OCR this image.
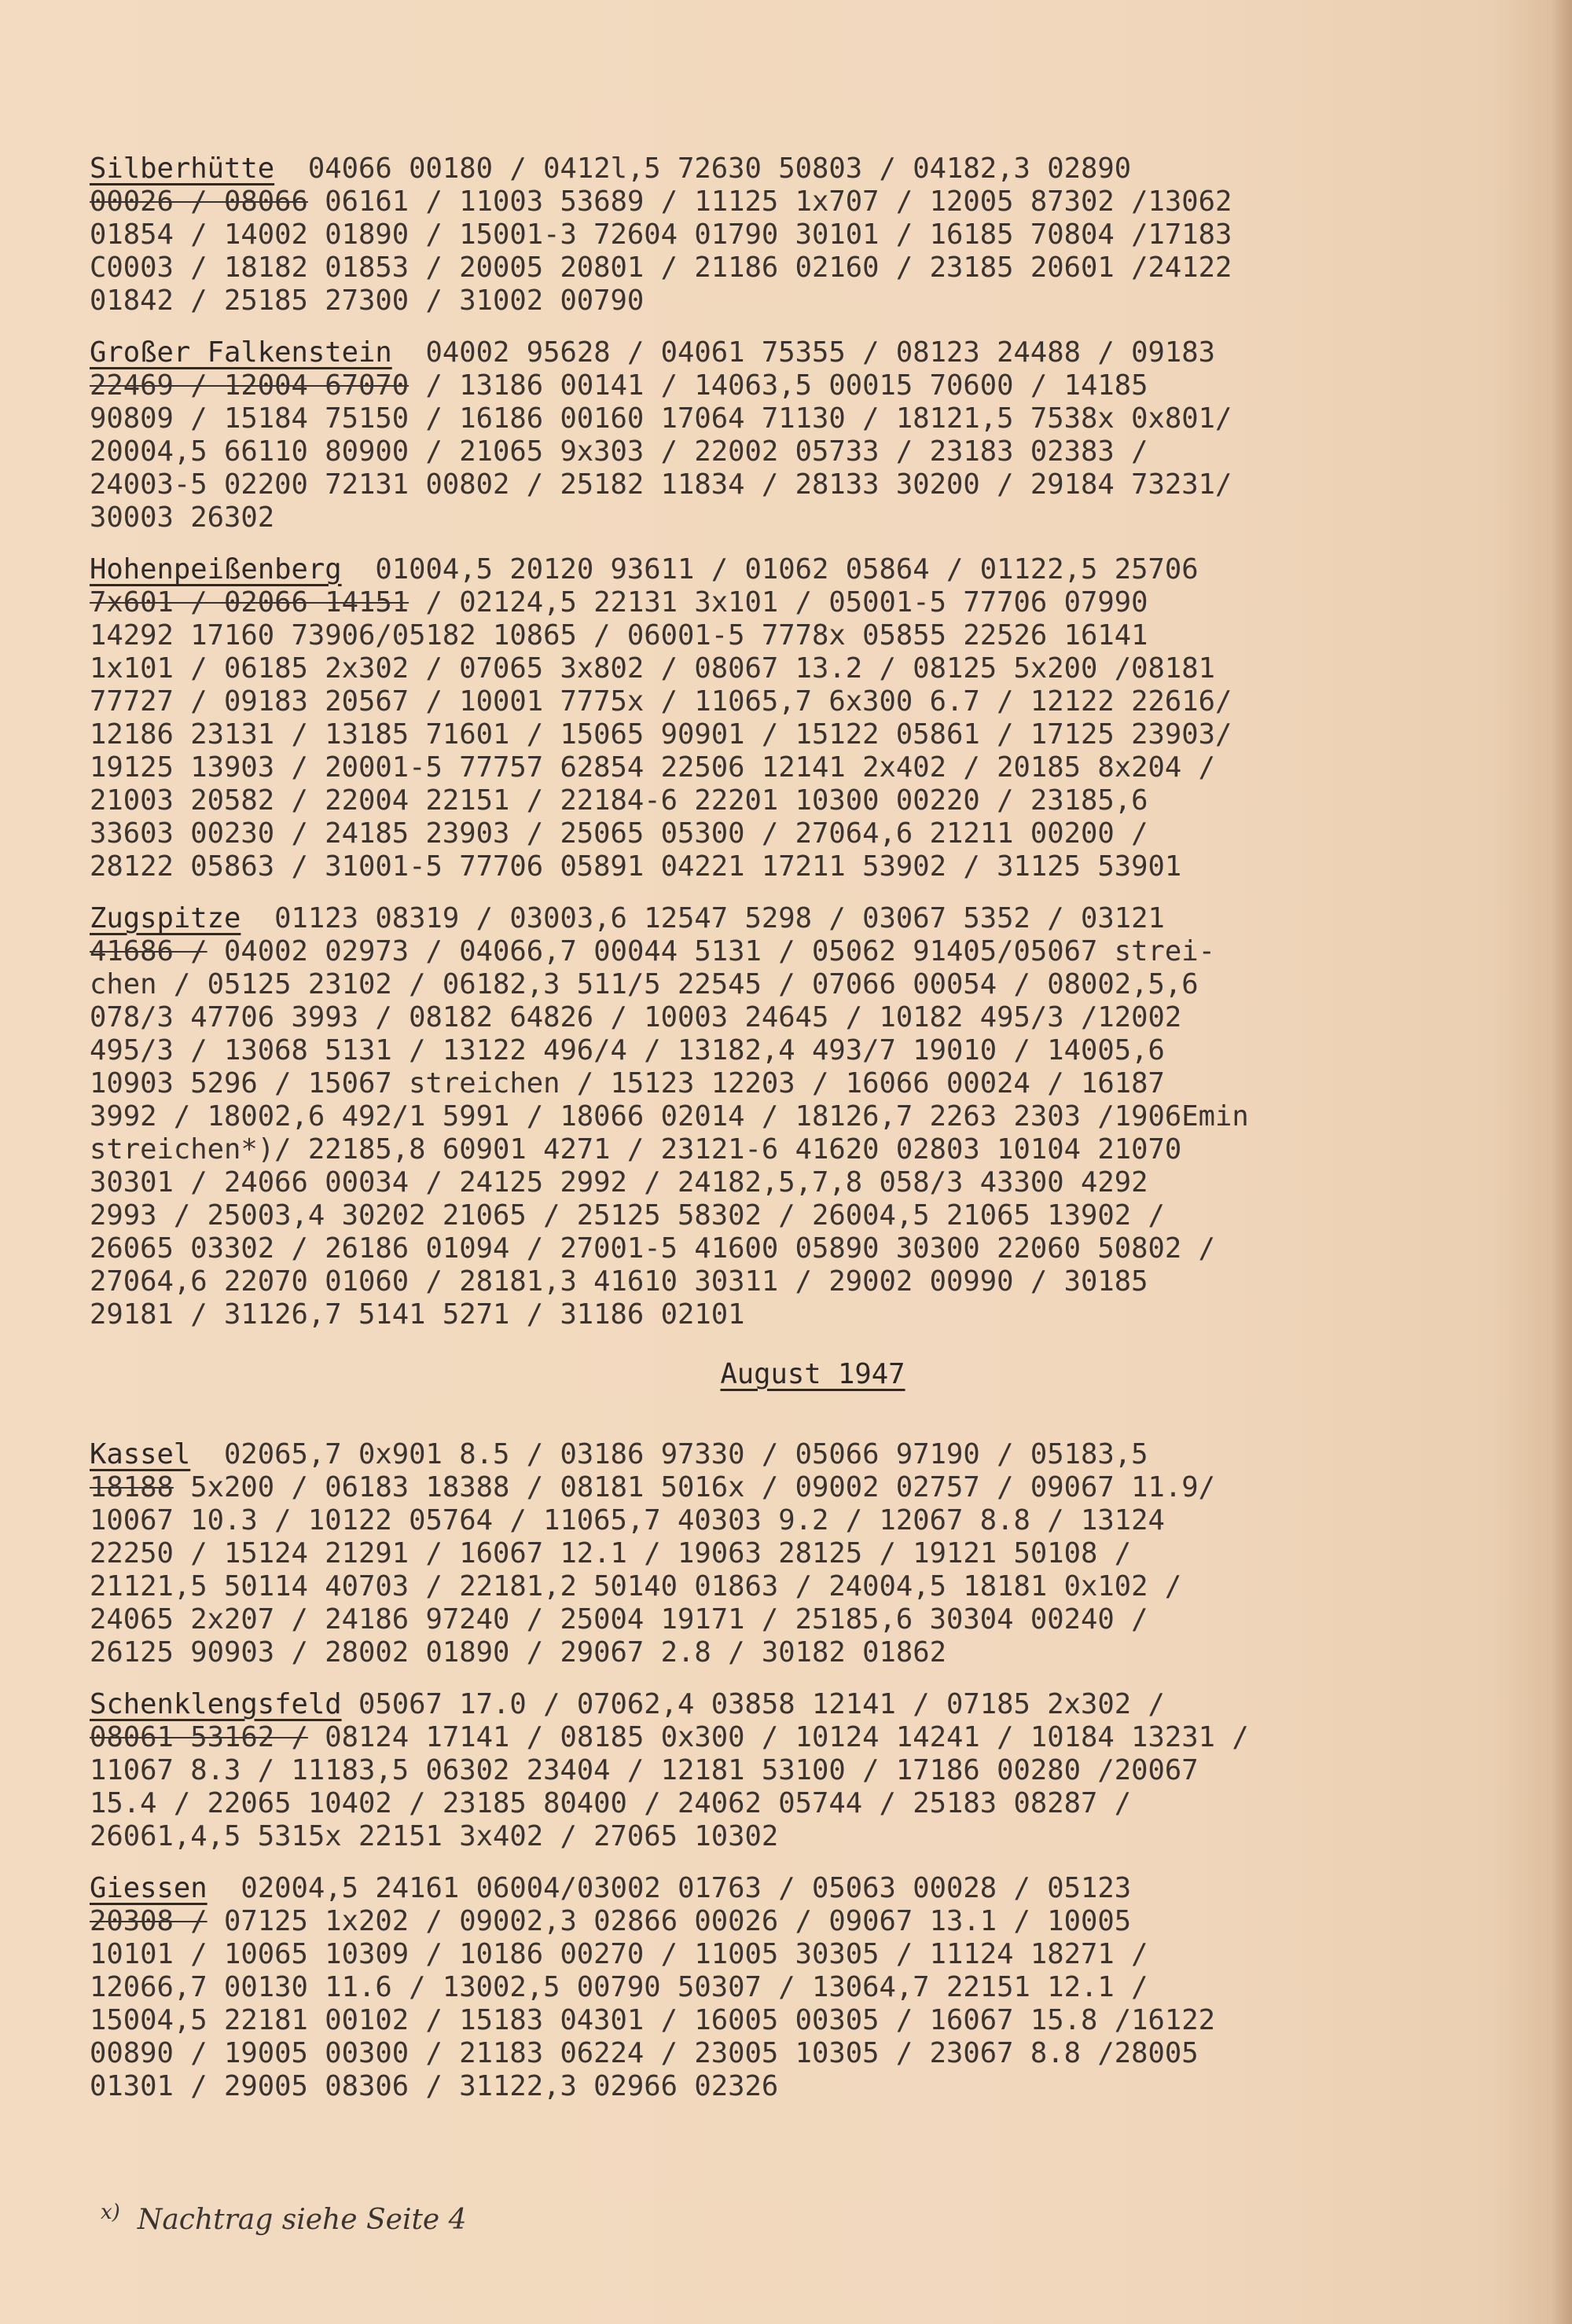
Silberhütte  04066 00180 / 0412l,5 72630 50803 / 04182,3 02890
00026 / 08066 06161 / 11003 53689 / 11125 1x707 / 12005 87302 /13062
01854 / 14002 01890 / 15001-3 72604 01790 30101 / 16185 70804 /17183
C0003 / 18182 01853 / 20005 20801 / 21186 02160 / 23185 20601 /24122
01842 / 25185 27300 / 31002 00790
Großer Falkenstein  04002 95628 / 04061 75355 / 08123 24488 / 09183
22469 / 12004 67070 / 13186 00141 / 14063,5 00015 70600 / 14185
90809 / 15184 75150 / 16186 00160 17064 71130 / 18121,5 7538x 0x801/
20004,5 66110 80900 / 21065 9x303 / 22002 05733 / 23183 02383 /
24003-5 02200 72131 00802 / 25182 11834 / 28133 30200 / 29184 73231/
30003 26302
Hohenpeißenberg  01004,5 20120 93611 / 01062 05864 / 01122,5 25706
7x601 / 02066 14151 / 02124,5 22131 3x101 / 05001-5 77706 07990
14292 17160 73906/05182 10865 / 06001-5 7778x 05855 22526 16141
1x101 / 06185 2x302 / 07065 3x802 / 08067 13.2 / 08125 5x200 /08181
77727 / 09183 20567 / 10001 7775x / 11065,7 6x300 6.7 / 12122 22616/
12186 23131 / 13185 71601 / 15065 90901 / 15122 05861 / 17125 23903/
19125 13903 / 20001-5 77757 62854 22506 12141 2x402 / 20185 8x204 /
21003 20582 / 22004 22151 / 22184-6 22201 10300 00220 / 23185,6
33603 00230 / 24185 23903 / 25065 05300 / 27064,6 21211 00200 /
28122 05863 / 31001-5 77706 05891 04221 17211 53902 / 31125 53901
Zugspitze  01123 08319 / 03003,6 12547 5298 / 03067 5352 / 03121
41686 / 04002 02973 / 04066,7 00044 5131 / 05062 91405/05067 strei-
chen / 05125 23102 / 06182,3 511/5 22545 / 07066 00054 / 08002,5,6
078/3 47706 3993 / 08182 64826 / 10003 24645 / 10182 495/3 /12002
495/3 / 13068 5131 / 13122 496/4 / 13182,4 493/7 19010 / 14005,6
10903 5296 / 15067 streichen / 15123 12203 / 16066 00024 / 16187
3992 / 18002,6 492/1 5991 / 18066 02014 / 18126,7 2263 2303 /1906Emin
streichen*)/ 22185,8 60901 4271 / 23121-6 41620 02803 10104 21070
30301 / 24066 00034 / 24125 2992 / 24182,5,7,8 058/3 43300 4292
2993 / 25003,4 30202 21065 / 25125 58302 / 26004,5 21065 13902 /
26065 03302 / 26186 01094 / 27001-5 41600 05890 30300 22060 50802 /
27064,6 22070 01060 / 28181,3 41610 30311 / 29002 00990 / 30185
29181 / 31126,7 5141 5271 / 31186 02101
August 1947
Kassel  02065,7 0x901 8.5 / 03186 97330 / 05066 97190 / 05183,5
18188 5x200 / 06183 18388 / 08181 5016x / 09002 02757 / 09067 11.9/
10067 10.3 / 10122 05764 / 11065,7 40303 9.2 / 12067 8.8 / 13124
22250 / 15124 21291 / 16067 12.1 / 19063 28125 / 19121 50108 /
21121,5 50114 40703 / 22181,2 50140 01863 / 24004,5 18181 0x102 /
24065 2x207 / 24186 97240 / 25004 19171 / 25185,6 30304 00240 /
26125 90903 / 28002 01890 / 29067 2.8 / 30182 01862
Schenklengsfeld 05067 17.0 / 07062,4 03858 12141 / 07185 2x302 /
08061 53162 / 08124 17141 / 08185 0x300 / 10124 14241 / 10184 13231 /
11067 8.3 / 11183,5 06302 23404 / 12181 53100 / 17186 00280 /20067
15.4 / 22065 10402 / 23185 80400 / 24062 05744 / 25183 08287 /
26061,4,5 5315x 22151 3x402 / 27065 10302
Giessen  02004,5 24161 06004/03002 01763 / 05063 00028 / 05123
20308 / 07125 1x202 / 09002,3 02866 00026 / 09067 13.1 / 10005
10101 / 10065 10309 / 10186 00270 / 11005 30305 / 11124 18271 /
12066,7 00130 11.6 / 13002,5 00790 50307 / 13064,7 22151 12.1 /
15004,5 22181 00102 / 15183 04301 / 16005 00305 / 16067 15.8 /16122
00890 / 19005 00300 / 21183 06224 / 23005 10305 / 23067 8.8 /28005
01301 / 29005 08306 / 31122,3 02966 02326
$^{x)}$ Nachtrag siehe Seite 4
